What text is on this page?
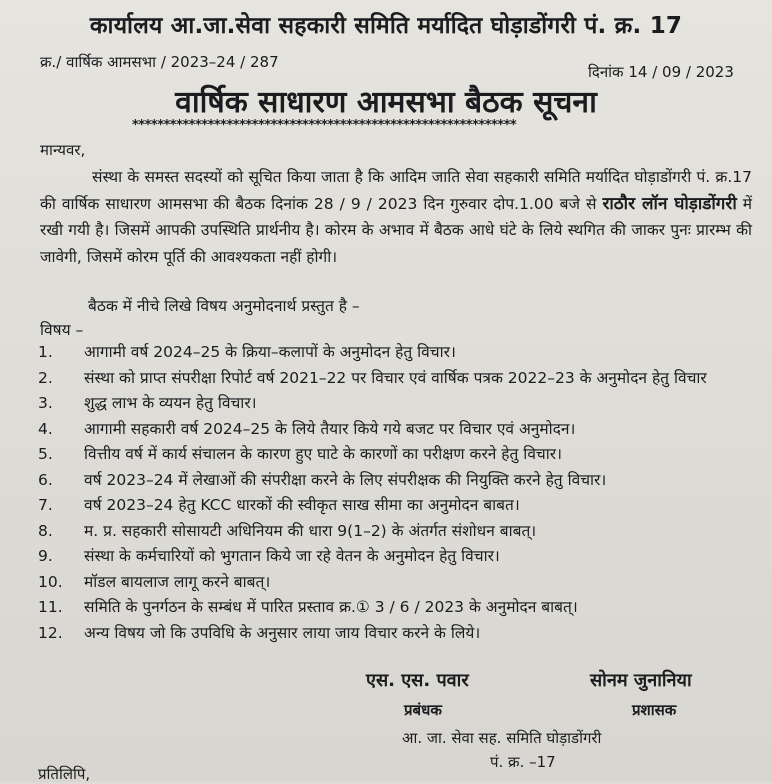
कार्यालय आ.जा.सेवा सहकारी समिति मर्यादित घोड़ाडोंगरी पं. क्र. 17
क्र./ वार्षिक आमसभा / 2023–24 / 287
दिनांक 14 / 09 / 2023
वार्षिक साधारण आमसभा बैठक सूचना
*************************************************************
मान्यवर,
संस्था के समस्त सदस्यों को सूचित किया जाता है कि आदिम जाति सेवा सहकारी समिति मर्यादित घोड़ाडोंगरी पं. क्र.17 की वार्षिक साधारण आमसभा की बैठक दिनांक 28 / 9 / 2023 दिन गुरुवार दोप.1.00 बजे से राठौर लॉन घोड़ाडोंगरी में रखी गयी है। जिसमें आपकी उपस्थिति प्रार्थनीय है। कोरम के अभाव में बैठक आधे घंटे के लिये स्थगित की जाकर पुनः प्रारम्भ की जावेगी, जिसमें कोरम पूर्ति की आवश्यकता नहीं होगी।
बैठक में नीचे लिखे विषय अनुमोदनार्थ प्रस्तुत है –
विषय –
1. आगामी वर्ष 2024–25 के क्रिया–कलापों के अनुमोदन हेतु विचार।
2. संस्था को प्राप्त संपरीक्षा रिपोर्ट वर्ष 2021–22 पर विचार एवं वार्षिक पत्रक 2022–23 के अनुमोदन हेतु विचार
3. शुद्ध लाभ के व्ययन हेतु विचार।
4. आगामी सहकारी वर्ष 2024–25 के लिये तैयार किये गये बजट पर विचार एवं अनुमोदन।
5. वित्तीय वर्ष में कार्य संचालन के कारण हुए घाटे के कारणों का परीक्षण करने हेतु विचार।
6. वर्ष 2023–24 में लेखाओं की संपरीक्षा करने के लिए संपरीक्षक की नियुक्ति करने हेतु विचार।
7. वर्ष 2023–24 हेतु KCC धारकों की स्वीकृत साख सीमा का अनुमोदन बाबत।
8. म. प्र. सहकारी सोसायटी अधिनियम की धारा 9(1–2) के अंतर्गत संशोधन बाबत्।
9. संस्था के कर्मचारियों को भुगतान किये जा रहे वेतन के अनुमोदन हेतु विचार।
10. मॉडल बायलाज लागू करने बाबत्।
11. समिति के पुनर्गठन के सम्बंध में पारित प्रस्ताव क्र.① 3 / 6 / 2023 के अनुमोदन बाबत्।
12. अन्य विषय जो कि उपविधि के अनुसार लाया जाय विचार करने के लिये।
एस. एस. पवार	सोनम जुनानिया
प्रबंधक	प्रशासक
आ. जा. सेवा सह. समिति घोड़ाडोंगरी
पं. क्र. –17
प्रतिलिपि,
